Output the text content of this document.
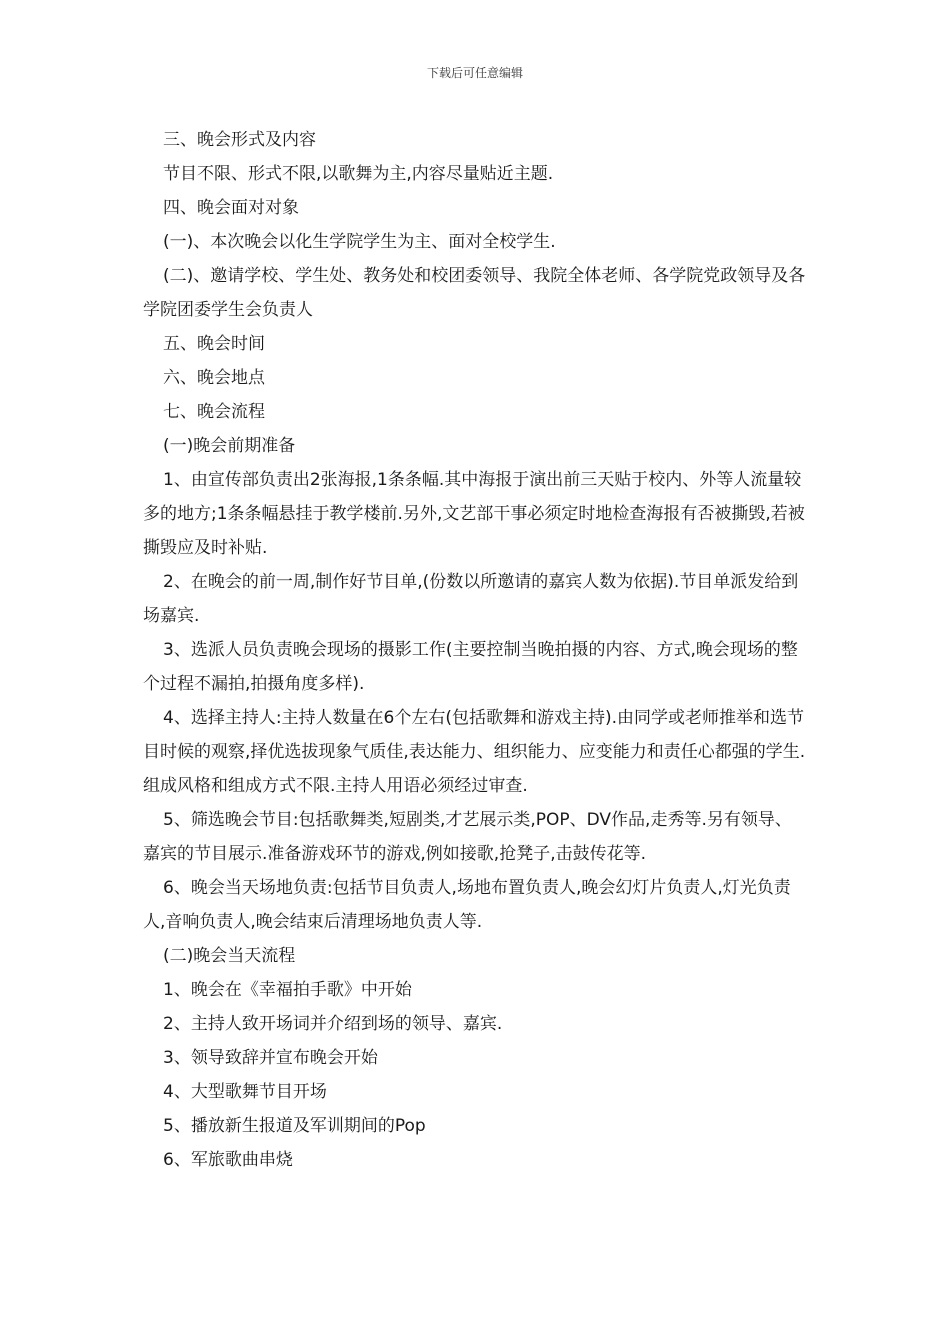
下载后可任意编辑

三、晚会形式及内容

节目不限、形式不限,以歌舞为主,内容尽量贴近主题.

四、晚会面对对象

(一)、本次晚会以化生学院学生为主、面对全校学生.

(二)、邀请学校、学生处、教务处和校团委领导、我院全体老师、各学院党政领导及各学院团委学生会负责人

五、晚会时间

六、晚会地点

七、晚会流程

(一)晚会前期准备

1、由宣传部负责出2张海报,1条条幅.其中海报于演出前三天贴于校内、外等人流量较多的地方;1条条幅悬挂于教学楼前.另外,文艺部干事必须定时地检查海报有否被撕毁,若被撕毁应及时补贴.

2、在晚会的前一周,制作好节目单,(份数以所邀请的嘉宾人数为依据).节目单派发给到场嘉宾.

3、选派人员负责晚会现场的摄影工作(主要控制当晚拍摄的内容、方式,晚会现场的整个过程不漏拍,拍摄角度多样).

4、选择主持人:主持人数量在6个左右(包括歌舞和游戏主持).由同学或老师推举和选节目时候的观察,择优选拔现象气质佳,表达能力、组织能力、应变能力和责任心都强的学生.组成风格和组成方式不限.主持人用语必须经过审查.

5、筛选晚会节目:包括歌舞类,短剧类,才艺展示类,POP、DV作品,走秀等.另有领导、嘉宾的节目展示.准备游戏环节的游戏,例如接歌,抢凳子,击鼓传花等.

6、晚会当天场地负责:包括节目负责人,场地布置负责人,晚会幻灯片负责人,灯光负责人,音响负责人,晚会结束后清理场地负责人等.

(二)晚会当天流程

1、晚会在《幸福拍手歌》中开始

2、主持人致开场词并介绍到场的领导、嘉宾.

3、领导致辞并宣布晚会开始

4、大型歌舞节目开场

5、播放新生报道及军训期间的Pop

6、军旅歌曲串烧
